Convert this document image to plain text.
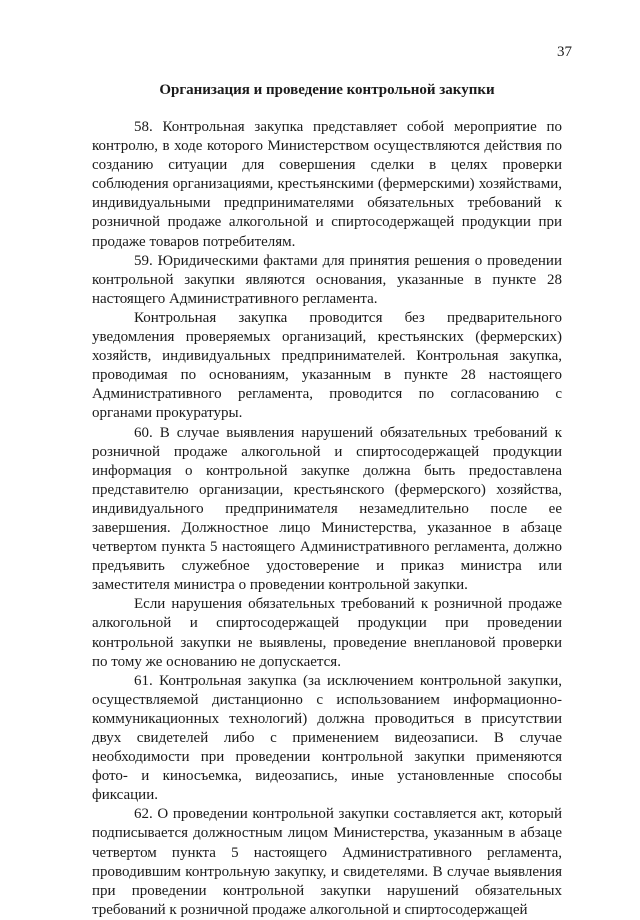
37
Организация и проведение контрольной закупки

58. Контрольная закупка представляет собой мероприятие по контролю, в ходе которого Министерством осуществляются действия по созданию ситуации для совершения сделки в целях проверки соблюдения организациями, крестьянскими (фермерскими) хозяйствами, индивидуальными предпринимателями обязательных требований к розничной продаже алкогольной и спиртосодержащей продукции при продаже товаров потребителям.

59. Юридическими фактами для принятия решения о проведении контрольной закупки являются основания, указанные в пункте 28 настоящего Административного регламента.

Контрольная закупка проводится без предварительного уведомления проверяемых организаций, крестьянских (фермерских) хозяйств, индивидуальных предпринимателей. Контрольная закупка, проводимая по основаниям, указанным в пункте 28 настоящего Административного регламента, проводится по согласованию с органами прокуратуры.

60. В случае выявления нарушений обязательных требований к розничной продаже алкогольной и спиртосодержащей продукции информация о контрольной закупке должна быть предоставлена представителю организации, крестьянского (фермерского) хозяйства, индивидуального предпринимателя незамедлительно после ее завершения. Должностное лицо Министерства, указанное в абзаце четвертом пункта 5 настоящего Административного регламента, должно предъявить служебное удостоверение и приказ министра или заместителя министра о проведении контрольной закупки.

Если нарушения обязательных требований к розничной продаже алкогольной и спиртосодержащей продукции при проведении контрольной закупки не выявлены, проведение внеплановой проверки по тому же основанию не допускается.

61. Контрольная закупка (за исключением контрольной закупки, осуществляемой дистанционно с использованием информационно-коммуникационных технологий) должна проводиться в присутствии двух свидетелей либо с применением видеозаписи. В случае необходимости при проведении контрольной закупки применяются фото- и киносъемка, видеозапись, иные установленные способы фиксации.

62. О проведении контрольной закупки составляется акт, который подписывается должностным лицом Министерства, указанным в абзаце четвертом пункта 5 настоящего Административного регламента, проводившим контрольную закупку, и свидетелями. В случае выявления при проведении контрольной закупки нарушений обязательных требований к розничной продаже алкогольной и спиртосодержащей
